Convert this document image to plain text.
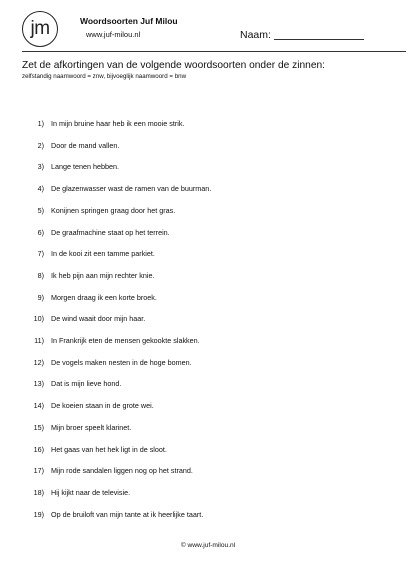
jm	Woordsoorten Juf Milou
www.juf-milou.nl	Naam:
Zet de afkortingen van de volgende woordsoorten onder de zinnen:
zelfstandig naamwoord = znw, bijvoeglijk naamwoord = bnw
1) In mijn bruine haar heb ik een mooie strik.
2) Door de mand vallen.
3) Lange tenen hebben.
4) De glazenwasser wast de ramen van de buurman.
5) Konijnen springen graag door het gras.
6) De graafmachine staat op het terrein.
7) In de kooi zit een tamme parkiet.
8) Ik heb pijn aan mijn rechter knie.
9) Morgen draag ik een korte broek.
10) De wind waait door mijn haar.
11) In Frankrijk eten de mensen gekookte slakken.
12) De vogels maken nesten in de hoge bomen.
13) Dat is mijn lieve hond.
14) De koeien staan in de grote wei.
15) Mijn broer speelt klarinet.
16) Het gaas van het hek ligt in de sloot.
17) Mijn rode sandalen liggen nog op het strand.
18) Hij kijkt naar de televisie.
19) Op de bruiloft van mijn tante at ik heerlijke taart.
© www.juf-milou.nl
